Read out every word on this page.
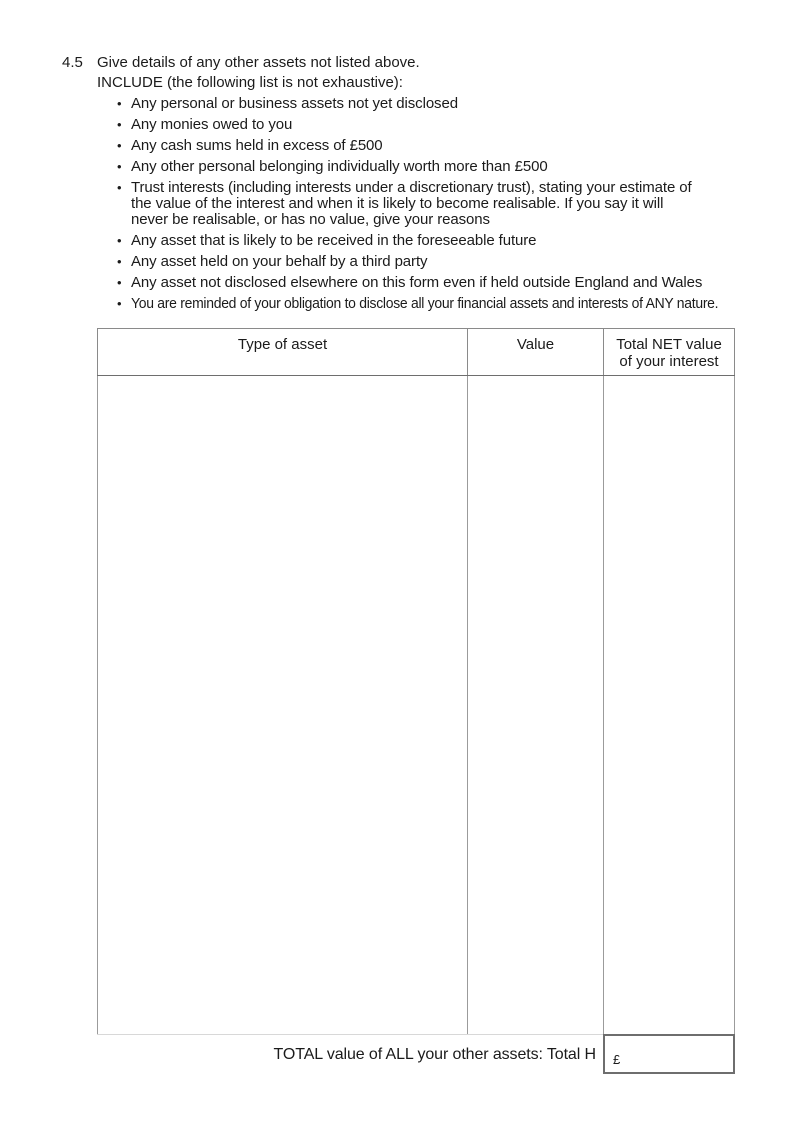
4.5 Give details of any other assets not listed above.

INCLUDE (the following list is not exhaustive):

• Any personal or business assets not yet disclosed
• Any monies owed to you
• Any cash sums held in excess of £500
• Any other personal belonging individually worth more than £500
• Trust interests (including interests under a discretionary trust), stating your estimate of the value of the interest and when it is likely to become realisable. If you say it will never be realisable, or has no value, give your reasons
• Any asset that is likely to be received in the foreseeable future
• Any asset held on your behalf by a third party
• Any asset not disclosed elsewhere on this form even if held outside England and Wales
• You are reminded of your obligation to disclose all your financial assets and interests of ANY nature.
Type of asset	Value	Total NET value of your interest

TOTAL value of ALL your other assets: Total H	£
